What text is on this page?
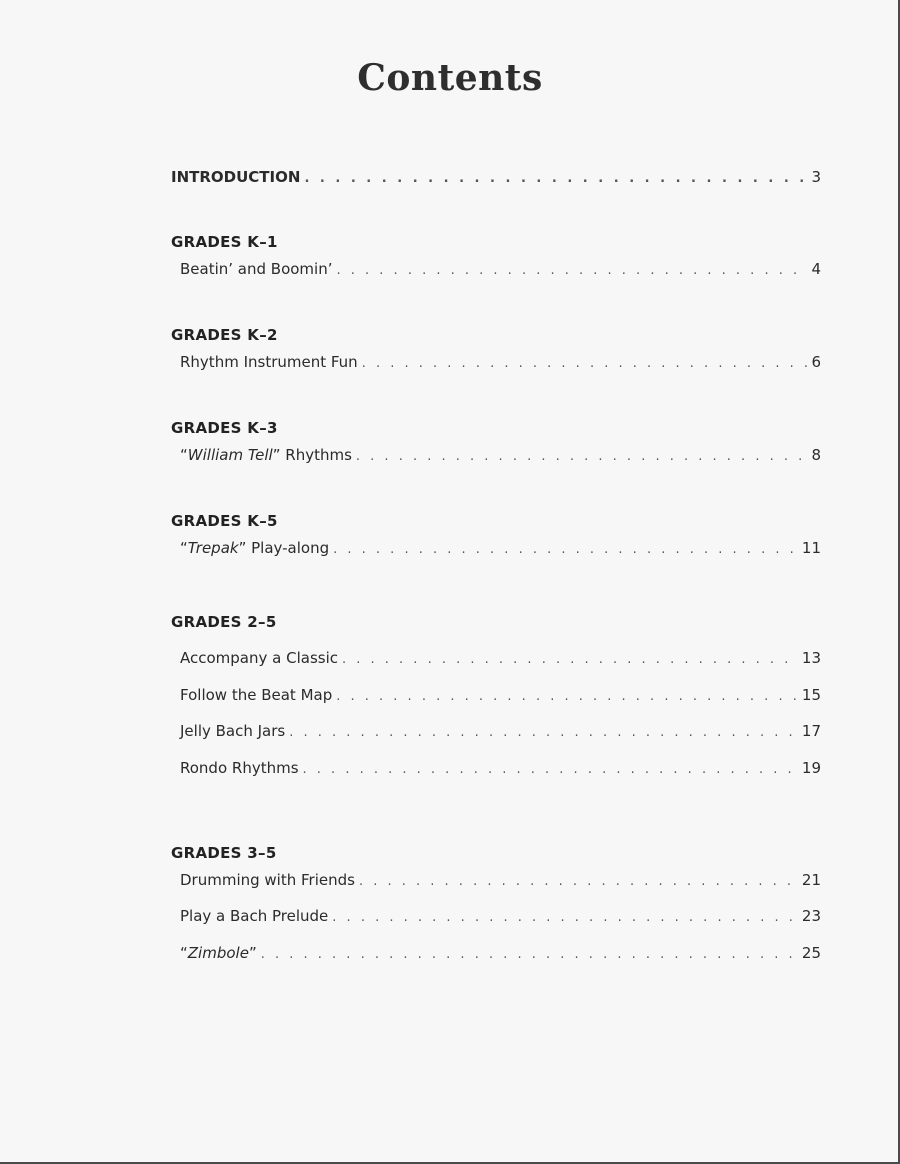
Contents
INTRODUCTION . . .	3
GRADES K–1
Beatin’ and Boomin’ . . .	4
GRADES K–2
Rhythm Instrument Fun . . .	6
GRADES K–3
“William Tell” Rhythms . . .	8
GRADES K–5
“Trepak” Play-along . . .	11
GRADES 2–5
Accompany a Classic . . .	13
Follow the Beat Map . . .	15
Jelly Bach Jars . . .	17
Rondo Rhythms . . .	19
GRADES 3–5
Drumming with Friends . . .	21
Play a Bach Prelude . . .	23
“Zimbole” . . .	25
